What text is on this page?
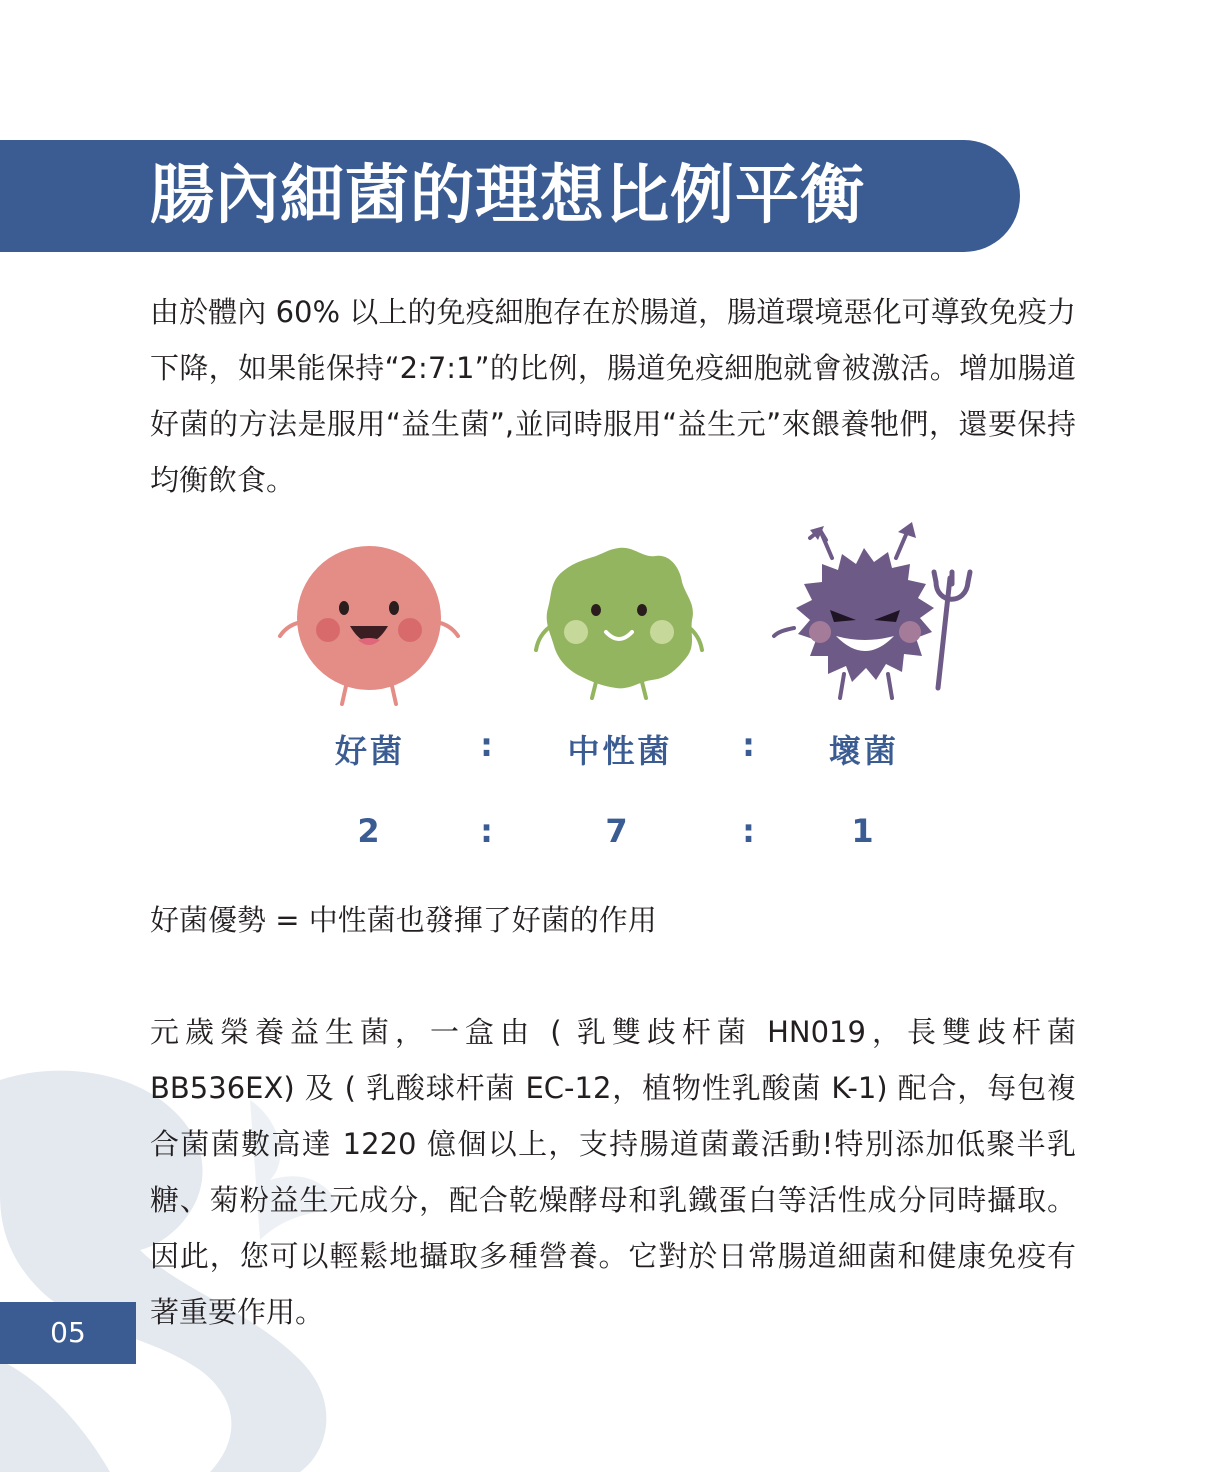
腸內細菌的理想比例平衡

由於體內 60% 以上的免疫細胞存在於腸道，腸道環境惡化可導致免疫力下降，如果能保持“2:7:1”的比例，腸道免疫細胞就會被激活。增加腸道好菌的方法是服用“益生菌”,並同時服用“益生元”來餵養牠們，還要保持均衡飲食。

好菌	:	中性菌	:	壞菌
2	:	7	:	1

好菌優勢 = 中性菌也發揮了好菌的作用

元歲榮養益生菌，一盒由 ( 乳雙歧杆菌 HN019，長雙歧杆菌 BB536EX) 及 ( 乳酸球杆菌 EC-12，植物性乳酸菌 K-1) 配合，每包複合菌菌數高達 1220 億個以上，支持腸道菌叢活動!特別添加低聚半乳糖、菊粉益生元成分，配合乾燥酵母和乳鐵蛋白等活性成分同時攝取。因此，您可以輕鬆地攝取多種營養。它對於日常腸道細菌和健康免疫有著重要作用。

05
